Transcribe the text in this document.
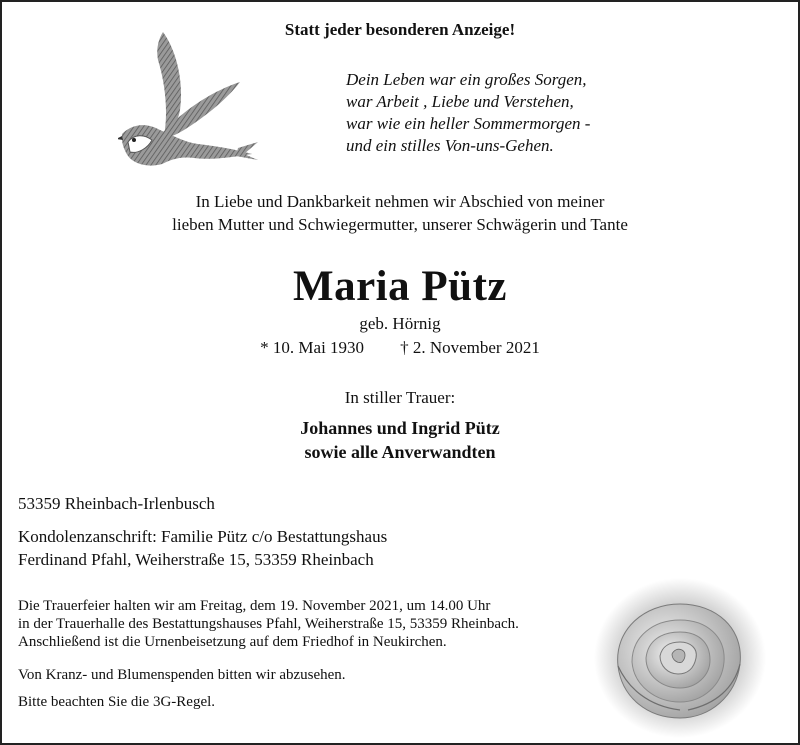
Statt jeder besonderen Anzeige!
Dein Leben war ein großes Sorgen,
war Arbeit , Liebe und Verstehen,
war wie ein heller Sommermorgen -
und ein stilles Von-uns-Gehen.
In Liebe und Dankbarkeit nehmen wir Abschied von meiner
lieben Mutter und Schwiegermutter, unserer Schwägerin und Tante
Maria Pütz
geb. Hörnig
* 10. Mai 1930 † 2. November 2021
In stiller Trauer:
Johannes und Ingrid Pütz
sowie alle Anverwandten
53359 Rheinbach-Irlenbusch
Kondolenzanschrift: Familie Pütz c/o Bestattungshaus
Ferdinand Pfahl, Weiherstraße 15, 53359 Rheinbach
Die Trauerfeier halten wir am Freitag, dem 19. November 2021, um 14.00 Uhr
in der Trauerhalle des Bestattungshauses Pfahl, Weiherstraße 15, 53359 Rheinbach.
Anschließend ist die Urnenbeisetzung auf dem Friedhof in Neukirchen.
Von Kranz- und Blumenspenden bitten wir abzusehen.
Bitte beachten Sie die 3G-Regel.
